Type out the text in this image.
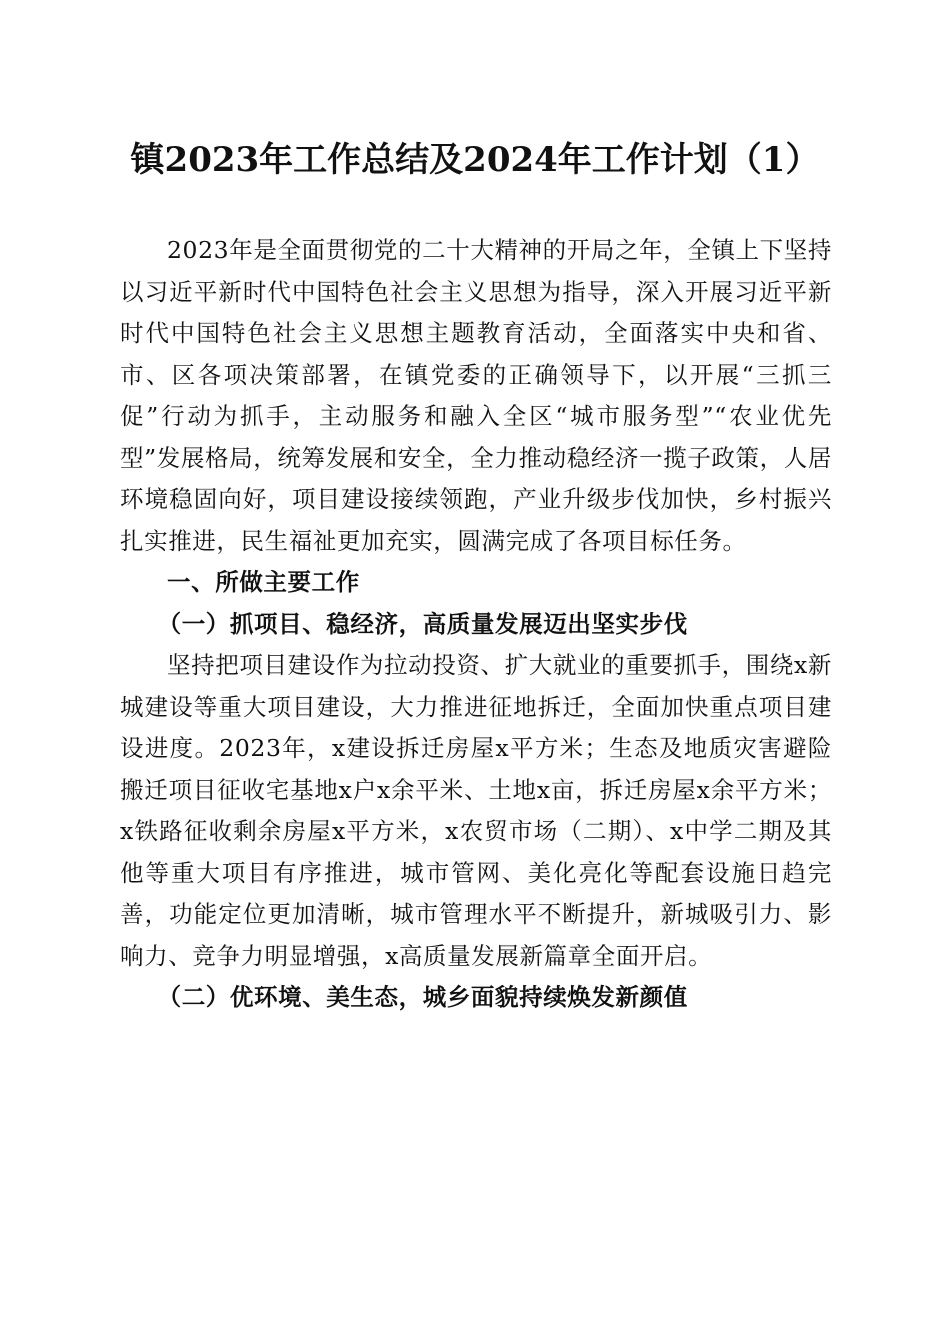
镇2023年工作总结及2024年工作计划（1）

2023年是全面贯彻党的二十大精神的开局之年，全镇上下坚持以习近平新时代中国特色社会主义思想为指导，深入开展习近平新时代中国特色社会主义思想主题教育活动，全面落实中央和省、市、区各项决策部署，在镇党委的正确领导下，以开展“三抓三促”行动为抓手，主动服务和融入全区“城市服务型”“农业优先型”发展格局，统筹发展和安全，全力推动稳经济一揽子政策，人居环境稳固向好，项目建设接续领跑，产业升级步伐加快，乡村振兴扎实推进，民生福祉更加充实，圆满完成了各项目标任务。

一、所做主要工作

（一）抓项目、稳经济，高质量发展迈出坚实步伐

坚持把项目建设作为拉动投资、扩大就业的重要抓手，围绕x新城建设等重大项目建设，大力推进征地拆迁，全面加快重点项目建设进度。2023年，x建设拆迁房屋x平方米；生态及地质灾害避险搬迁项目征收宅基地x户x余平米、土地x亩，拆迁房屋x余平方米；x铁路征收剩余房屋x平方米，x农贸市场（二期）、x中学二期及其他等重大项目有序推进，城市管网、美化亮化等配套设施日趋完善，功能定位更加清晰，城市管理水平不断提升，新城吸引力、影响力、竞争力明显增强，x高质量发展新篇章全面开启。

（二）优环境、美生态，城乡面貌持续焕发新颜值
